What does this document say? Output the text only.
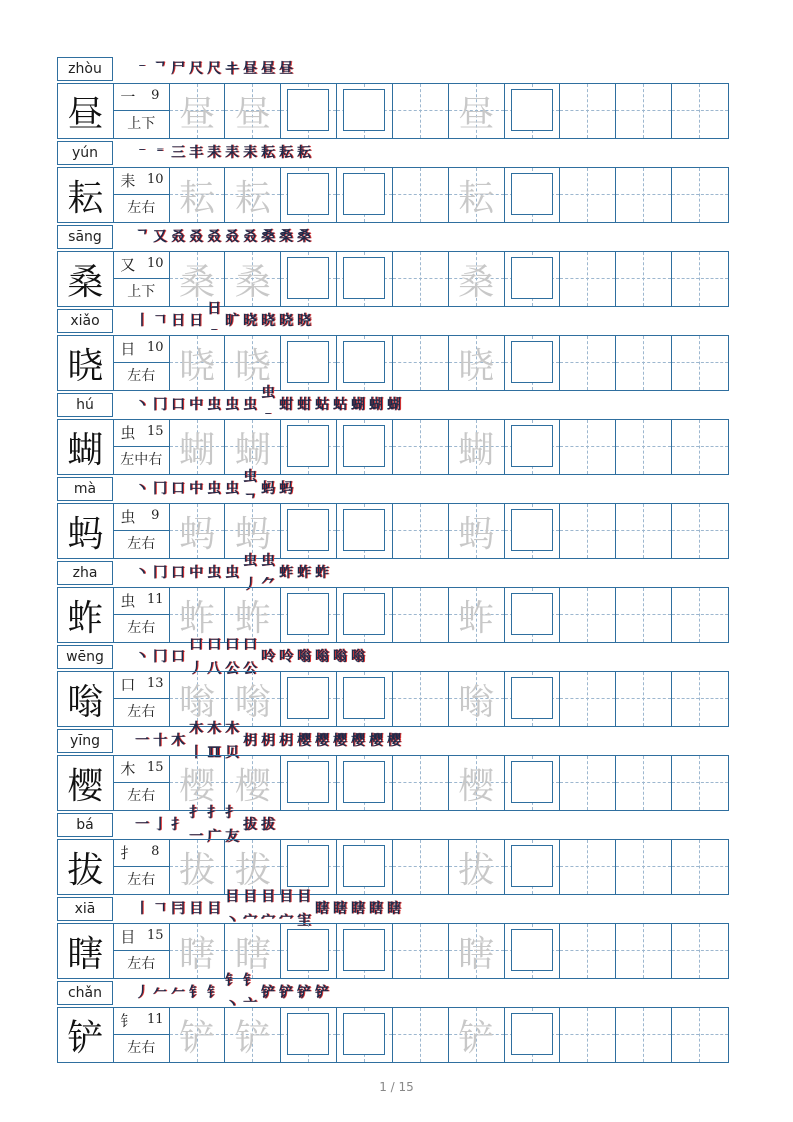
zhòu	⁻ ᄀ 尸 尺 尺 𰀁 昼 昼 昼
昼	一	9
上下 昼 昼	昼
yún	⁻ ⁼ 三 丰 耒 耒 耒 耘 耘 耘
耘	耒 10
左右 耘 耘	耘
sāng	ᄀ 又 叒 叒 叒 叒 叒 桑 桑 桑
桑	又 10
上下 桑 桑	桑
xiǎo	丨 𠃍 日 日
日⁻
旷 晓 晓 晓 晓
晓	日 10
左右 晓 晓	晓
hú	丶 冂 口 中 虫 虫 虫
虫⁻
蚶 蚶 蛄 蛄 蝴 蝴 蝴
蝴	虫 15
左中右 蝴 蝴	蝴
mà	丶 冂 口 中 虫 虫
虫ᄀ
蚂 蚂
蚂	虫	9
左右 蚂 蚂	蚂
zha	丶 冂 口 中 虫 虫
虫丿
虫⺈
蚱 蚱 蚱
蚱	虫 11
左右 蚱 蚱	蚱
wēng	丶 冂 口
口丿
口八
口公
口公
呤 呤 嗡 嗡 嗡 嗡
嗡	口 13
左右 嗡 嗡	嗡
yīng	一 十 木
木丨
木ℿ
木贝
枂 枂 枂 樱 樱 樱 樱 樱 樱
樱	木 15
左右 樱 樱	樱
bá	一 亅 扌
扌一
扌广
扌友
拔 拔
拔	扌	8
左右 拔 拔	拔
xiā	丨 𠃍 冃 目 目
目丶
目宀
目宀
目宀
目宔
瞎 瞎 瞎 瞎 瞎
瞎	目 15
左右 瞎 瞎	瞎
chǎn	丿 𠂉 𠂉 钅 钅
钅丶
钅亠
铲 铲 铲 铲
铲	钅 11
左右 铲 铲	铲
1 / 15
